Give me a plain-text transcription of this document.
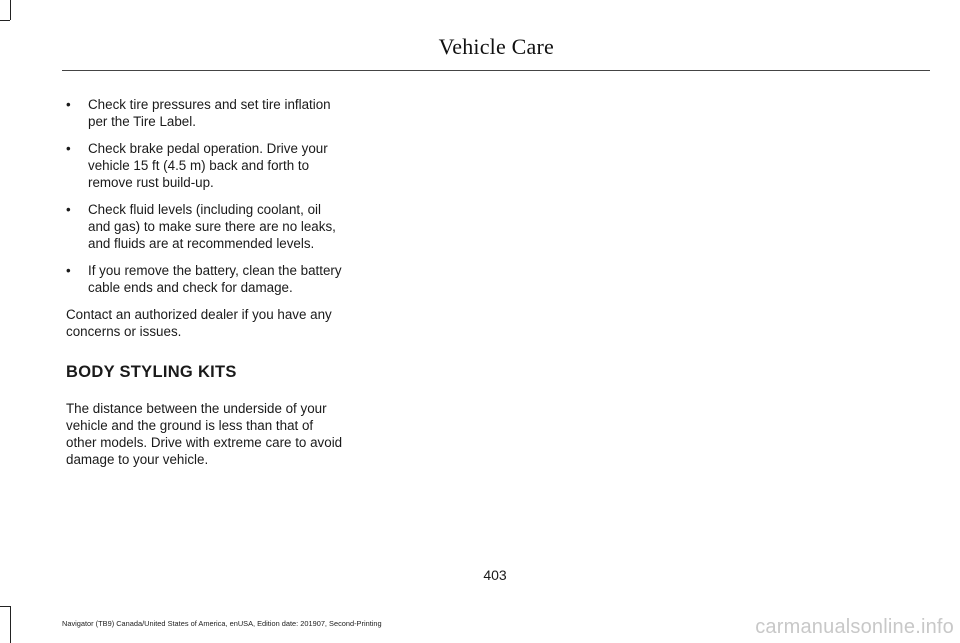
Vehicle Care
• Check tire pressures and set tire inflation per the Tire Label.
• Check brake pedal operation. Drive your vehicle 15 ft (4.5 m) back and forth to remove rust build-up.
• Check fluid levels (including coolant, oil and gas) to make sure there are no leaks, and fluids are at recommended levels.
• If you remove the battery, clean the battery cable ends and check for damage.

Contact an authorized dealer if you have any concerns or issues.

BODY STYLING KITS

The distance between the underside of your vehicle and the ground is less than that of other models. Drive with extreme care to avoid damage to your vehicle.

403
Navigator (TB9) Canada/United States of America, enUSA, Edition date: 201907, Second-Printing	carmanualsonline.info
